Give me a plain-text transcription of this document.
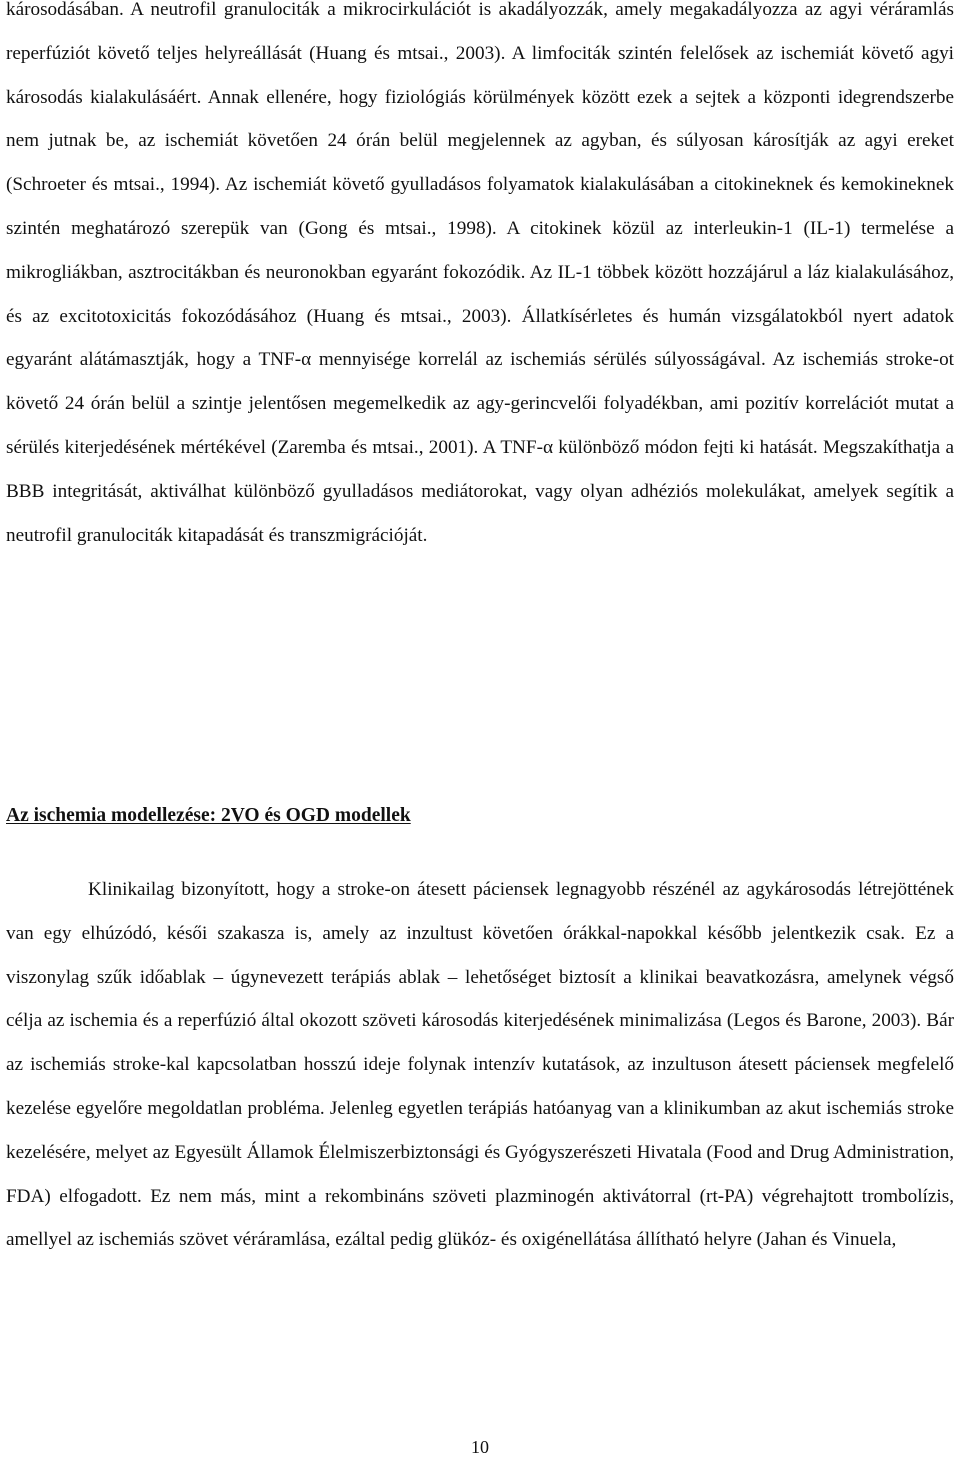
károsodásában. A neutrofil granulociták a mikrocirkulációt is akadályozzák, amely megakadályozza az agyi véráramlás reperfúziót követő teljes helyreállását (Huang és mtsai., 2003). A limfociták szintén felelősek az ischemiát követő agyi károsodás kialakulásáért. Annak ellenére, hogy fiziológiás körülmények között ezek a sejtek a központi idegrendszerbe nem jutnak be, az ischemiát követően 24 órán belül megjelennek az agyban, és súlyosan károsítják az agyi ereket (Schroeter és mtsai., 1994). Az ischemiát követő gyulladásos folyamatok kialakulásában a citokineknek és kemokineknek szintén meghatározó szerepük van (Gong és mtsai., 1998). A citokinek közül az interleukin-1 (IL-1) termelése a mikrogliákban, asztrocitákban és neuronokban egyaránt fokozódik. Az IL-1 többek között hozzájárul a láz kialakulásához, és az excitotoxicitás fokozódásához (Huang és mtsai., 2003). Állatkísérletes és humán vizsgálatokból nyert adatok egyaránt alátámasztják, hogy a TNF-α mennyisége korrelál az ischemiás sérülés súlyosságával. Az ischemiás stroke-ot követő 24 órán belül a szintje jelentősen megemelkedik az agy-gerincvelői folyadékban, ami pozitív korrelációt mutat a sérülés kiterjedésének mértékével (Zaremba és mtsai., 2001). A TNF-α különböző módon fejti ki hatását. Megszakíthatja a BBB integritását, aktiválhat különböző gyulladásos mediátorokat, vagy olyan adhéziós molekulákat, amelyek segítik a neutrofil granulociták kitapadását és transzmigrációját.

Az ischemia modellezése: 2VO és OGD modellek

Klinikailag bizonyított, hogy a stroke-on átesett páciensek legnagyobb részénél az agykárosodás létrejöttének van egy elhúzódó, késői szakasza is, amely az inzultust követően órákkal-napokkal később jelentkezik csak. Ez a viszonylag szűk időablak – úgynevezett terápiás ablak – lehetőséget biztosít a klinikai beavatkozásra, amelynek végső célja az ischemia és a reperfúzió által okozott szöveti károsodás kiterjedésének minimalizása (Legos és Barone, 2003). Bár az ischemiás stroke-kal kapcsolatban hosszú ideje folynak intenzív kutatások, az inzultuson átesett páciensek megfelelő kezelése egyelőre megoldatlan probléma. Jelenleg egyetlen terápiás hatóanyag van a klinikumban az akut ischemiás stroke kezelésére, melyet az Egyesült Államok Élelmiszerbiztonsági és Gyógyszerészeti Hivatala (Food and Drug Administration, FDA) elfogadott. Ez nem más, mint a rekombináns szöveti plazminogén aktivátorral (rt-PA) végrehajtott trombolízis, amellyel az ischemiás szövet véráramlása, ezáltal pedig glükóz- és oxigénellátása állítható helyre (Jahan és Vinuela,

10
